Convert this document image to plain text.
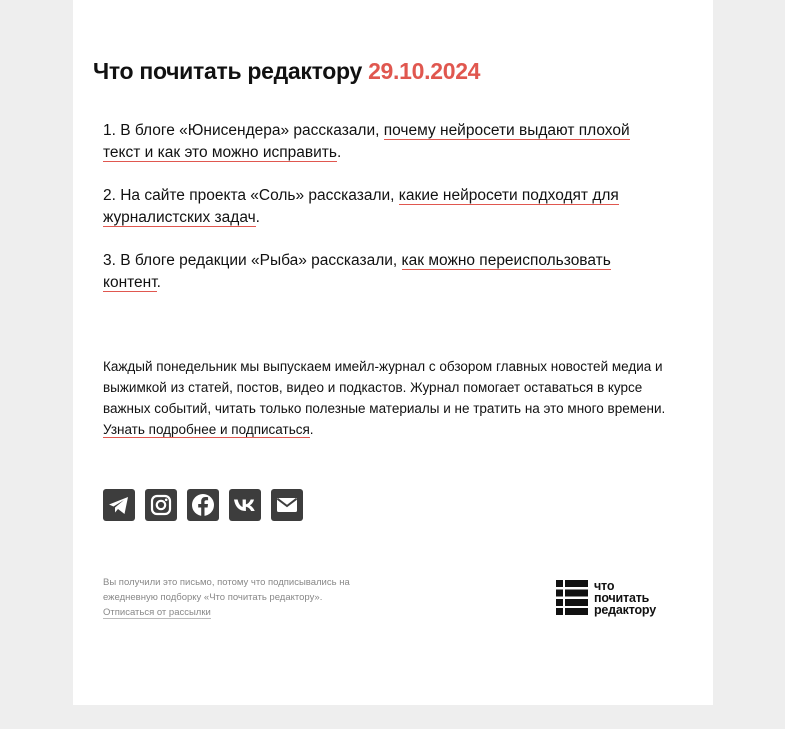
Что почитать редактору 29.10.2024

1. В блоге «Юнисендера» рассказали, почему нейросети выдают плохой текст и как это можно исправить.

2. На сайте проекта «Соль» рассказали, какие нейросети подходят для журналистских задач.

3. В блоге редакции «Рыба» рассказали, как можно переиспользовать контент.

Каждый понедельник мы выпускаем имейл-журнал с обзором главных новостей медиа и выжимкой из статей, постов, видео и подкастов. Журнал помогает оставаться в курсе важных событий, читать только полезные материалы и не тратить на это много времени. Узнать подробнее и подписаться.

Вы получили это письмо, потому что подписывались на ежедневную подборку «Что почитать редактору».
Отписаться от рассылки

что
почитать
редактору
